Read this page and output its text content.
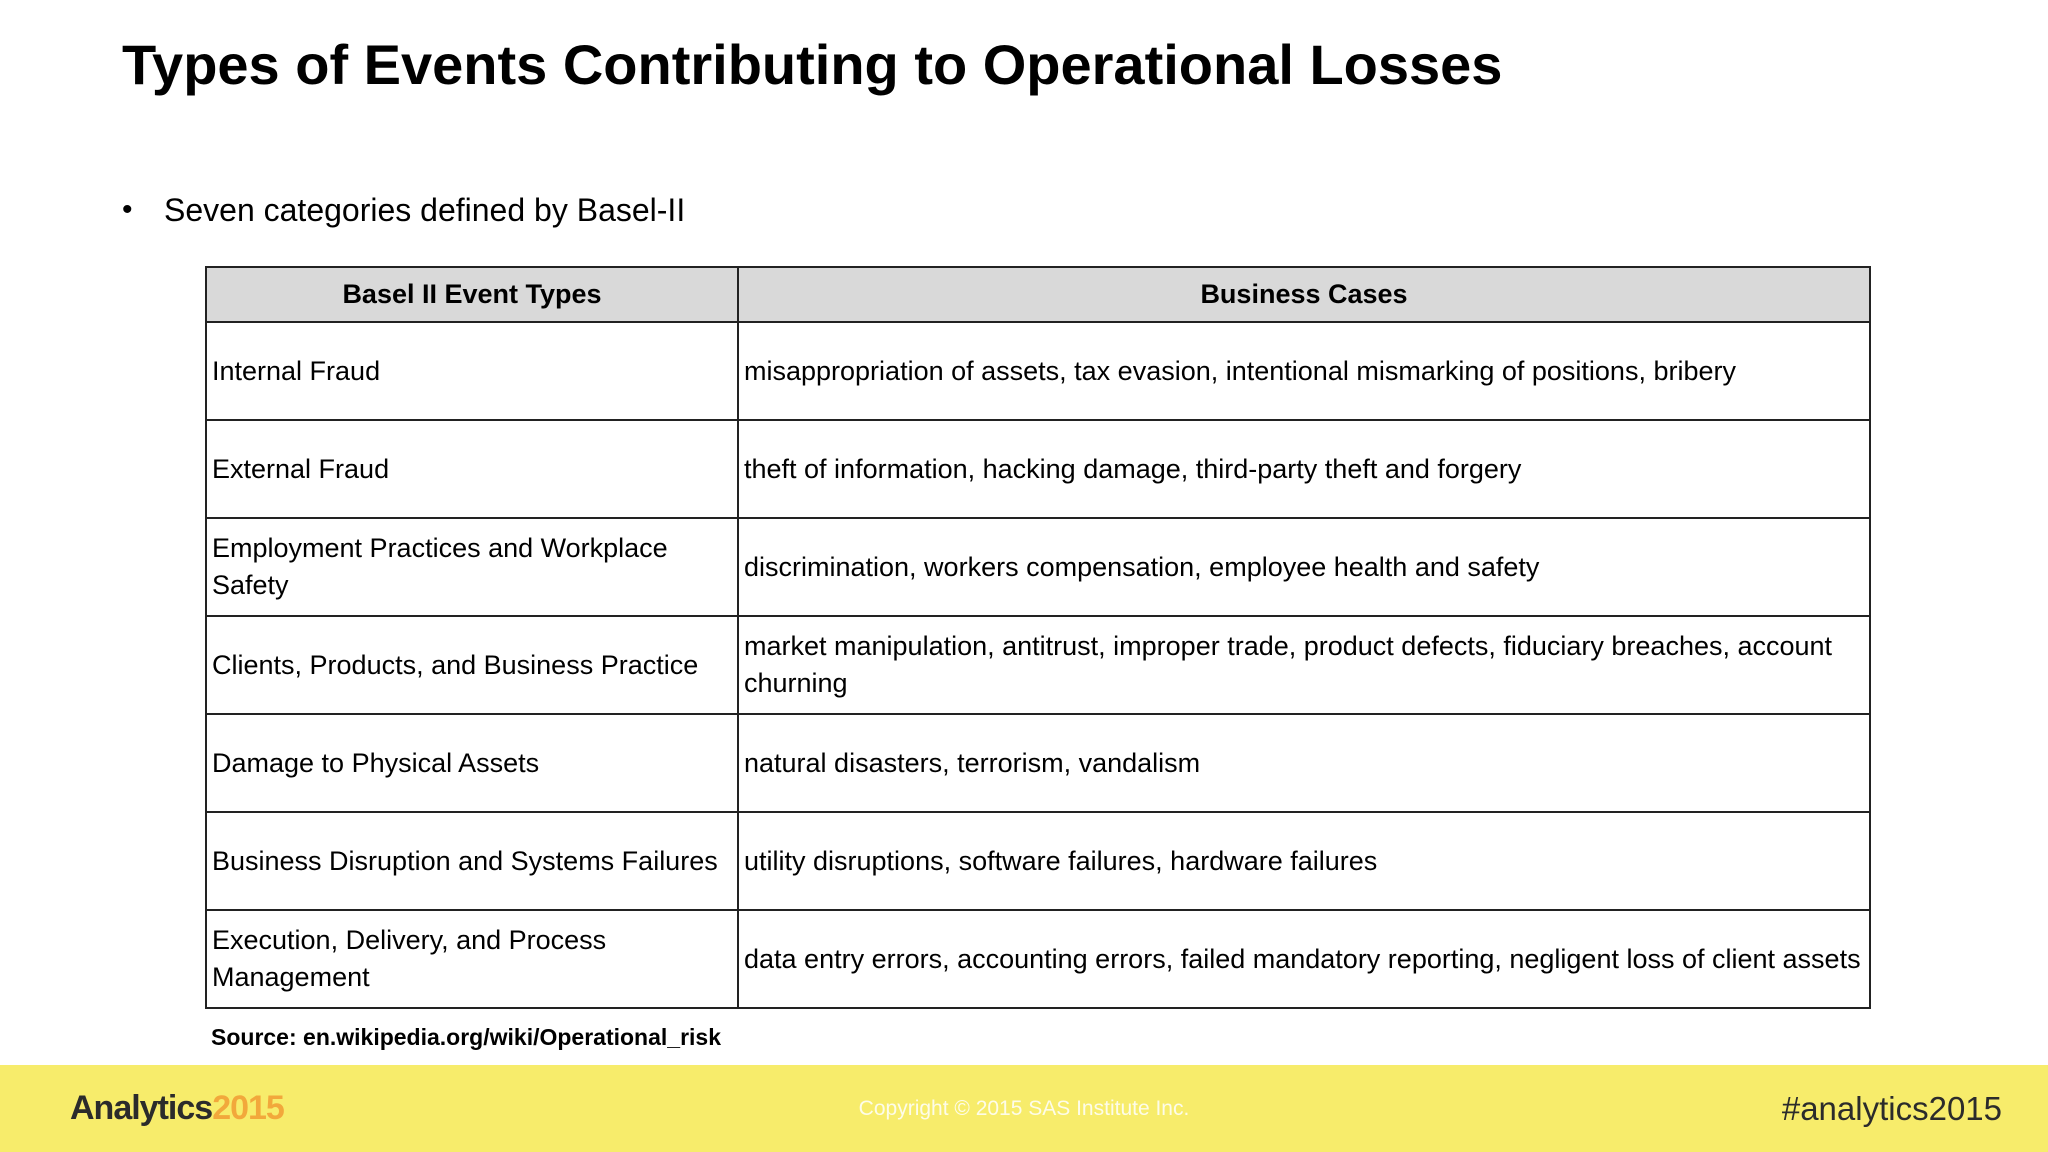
Types of Events Contributing to Operational Losses
• Seven categories defined by Basel-II
Basel II Event Types	Business Cases
Internal Fraud	misappropriation of assets, tax evasion, intentional mismarking of positions, bribery
External Fraud	theft of information, hacking damage, third-party theft and forgery
Employment Practices and Workplace Safety	discrimination, workers compensation, employee health and safety
Clients, Products, and Business Practice	market manipulation, antitrust, improper trade, product defects, fiduciary breaches, account churning
Damage to Physical Assets	natural disasters, terrorism, vandalism
Business Disruption and Systems Failures	utility disruptions, software failures, hardware failures
Execution, Delivery, and Process Management	data entry errors, accounting errors, failed mandatory reporting, negligent loss of client assets
Source: en.wikipedia.org/wiki/Operational_risk
Analytics 2015	Copyright © 2015 SAS Institute Inc.	#analytics2015
